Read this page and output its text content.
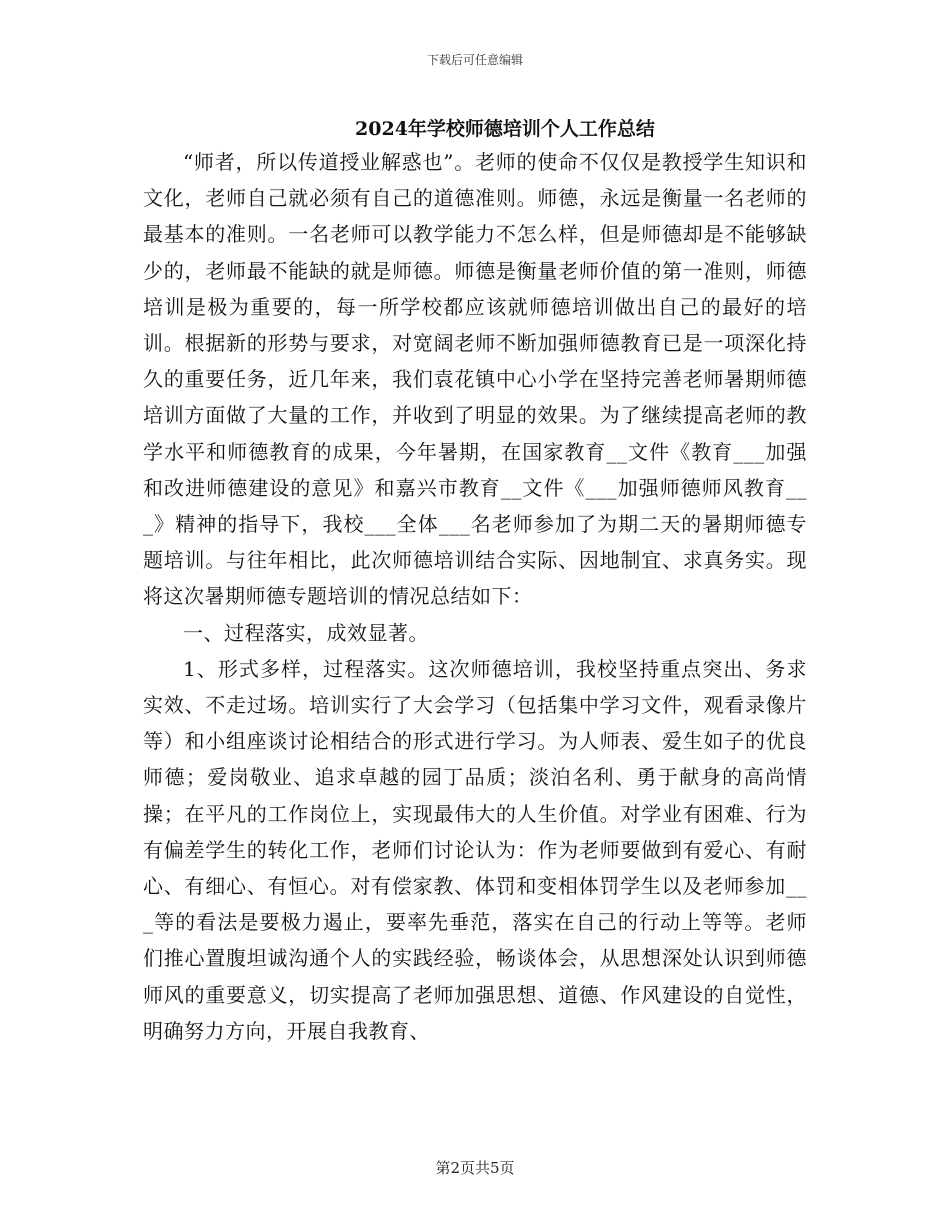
下载后可任意编辑
2024年学校师德培训个人工作总结

“师者，所以传道授业解惑也”。老师的使命不仅仅是教授学生知识和文化，老师自己就必须有自己的道德准则。师德，永远是衡量一名老师的最基本的准则。一名老师可以教学能力不怎么样，但是师德却是不能够缺少的，老师最不能缺的就是师德。师德是衡量老师价值的第一准则，师德培训是极为重要的，每一所学校都应该就师德培训做出自己的最好的培训。根据新的形势与要求，对宽阔老师不断加强师德教育已是一项深化持久的重要任务，近几年来，我们袁花镇中心小学在坚持完善老师暑期师德培训方面做了大量的工作，并收到了明显的效果。为了继续提高老师的教学水平和师德教育的成果，今年暑期，在国家教育__文件《教育___加强和改进师德建设的意见》和嘉兴市教育__文件《___加强师德师风教育___》精神的指导下，我校___全体___名老师参加了为期二天的暑期师德专题培训。与往年相比，此次师德培训结合实际、因地制宜、求真务实。现将这次暑期师德专题培训的情况总结如下：

一、过程落实，成效显著。

1、形式多样，过程落实。这次师德培训，我校坚持重点突出、务求实效、不走过场。培训实行了大会学习（包括集中学习文件，观看录像片等）和小组座谈讨论相结合的形式进行学习。为人师表、爱生如子的优良师德；爱岗敬业、追求卓越的园丁品质；淡泊名利、勇于献身的高尚情操；在平凡的工作岗位上，实现最伟大的人生价值。对学业有困难、行为有偏差学生的转化工作，老师们讨论认为：作为老师要做到有爱心、有耐心、有细心、有恒心。对有偿家教、体罚和变相体罚学生以及老师参加___等的看法是要极力遏止，要率先垂范，落实在自己的行动上等等。老师们推心置腹坦诚沟通个人的实践经验，畅谈体会，从思想深处认识到师德师风的重要意义，切实提高了老师加强思想、道德、作风建设的自觉性，明确努力方向，开展自我教育、

第2页共5页
